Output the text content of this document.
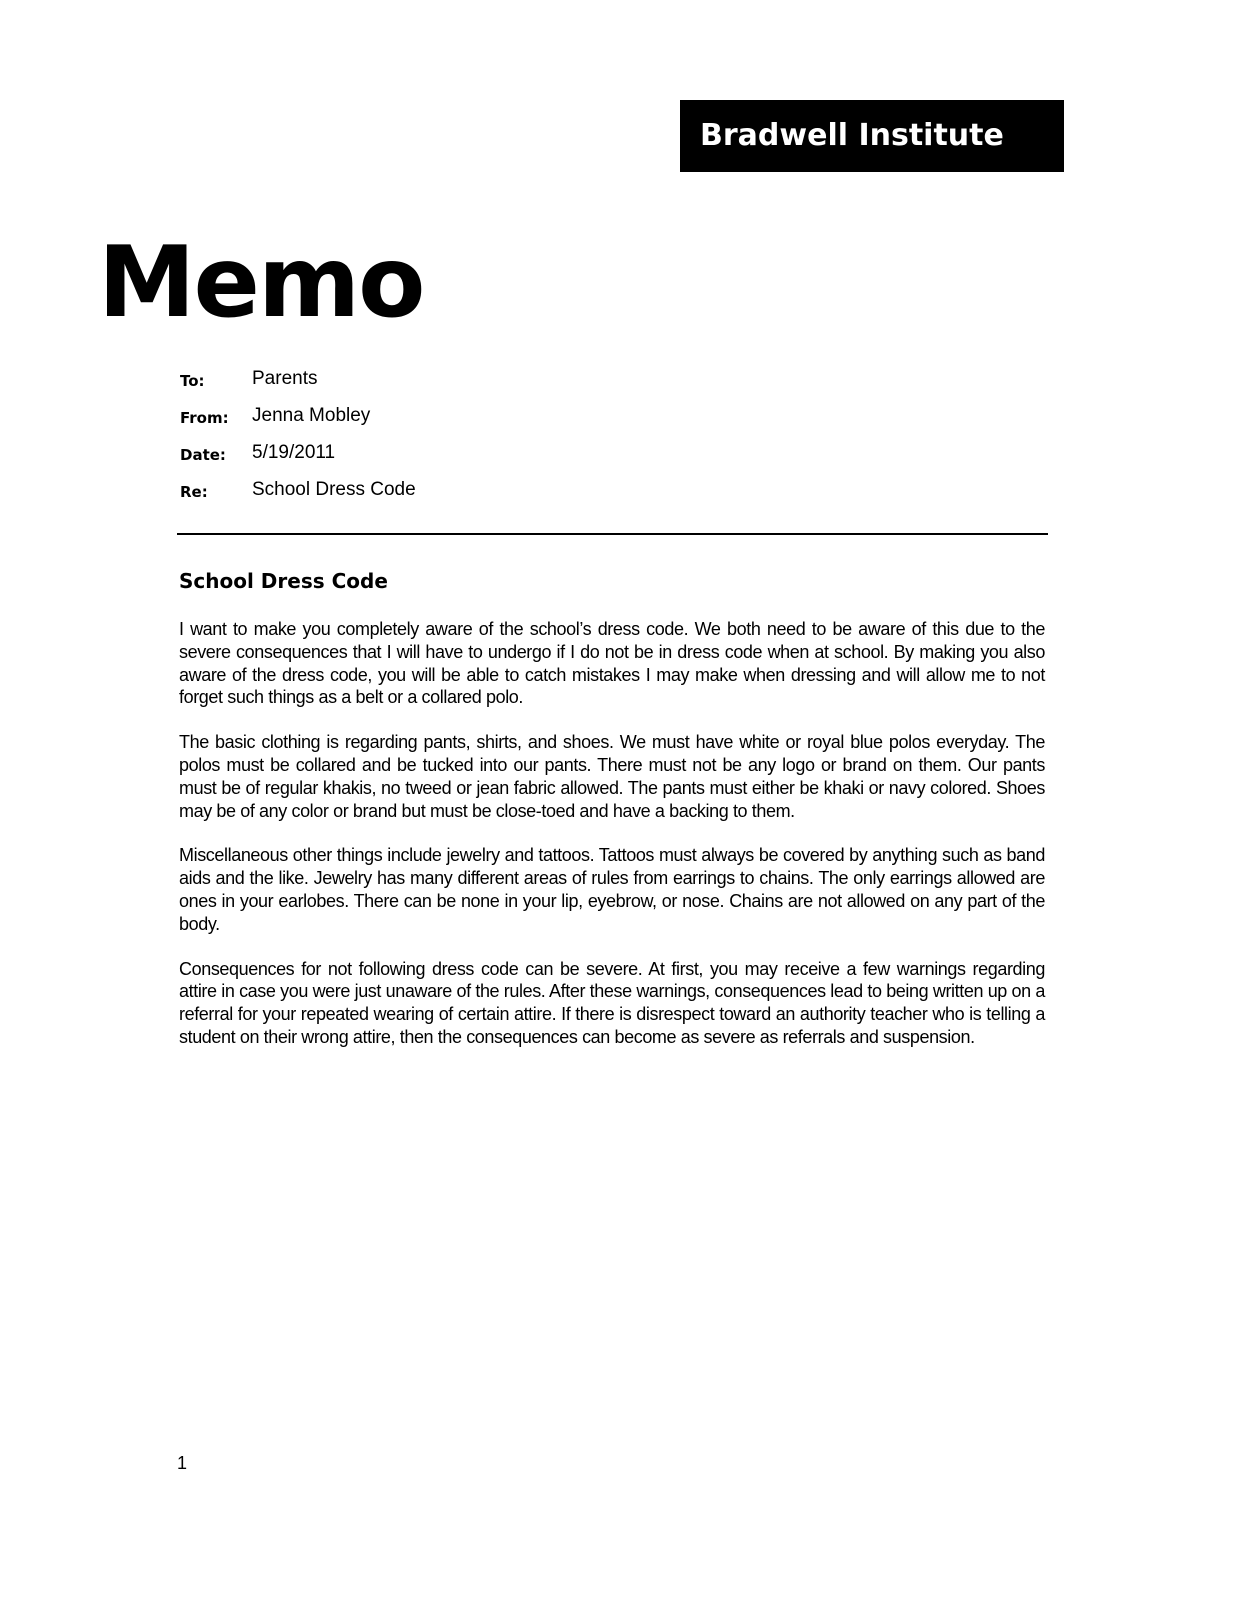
Bradwell Institute
Memo
To: Parents
From: Jenna Mobley
Date: 5/19/2011
Re: School Dress Code
School Dress Code

I want to make you completely aware of the school’s dress code. We both need to be aware of this due to the severe consequences that I will have to undergo if I do not be in dress code when at school. By making you also aware of the dress code, you will be able to catch mistakes I may make when dressing and will allow me to not forget such things as a belt or a collared polo.

The basic clothing is regarding pants, shirts, and shoes. We must have white or royal blue polos everyday. The polos must be collared and be tucked into our pants. There must not be any logo or brand on them. Our pants must be of regular khakis, no tweed or jean fabric allowed. The pants must either be khaki or navy colored. Shoes may be of any color or brand but must be close-toed and have a backing to them.

Miscellaneous other things include jewelry and tattoos. Tattoos must always be covered by anything such as band aids and the like. Jewelry has many different areas of rules from earrings to chains. The only earrings allowed are ones in your earlobes. There can be none in your lip, eyebrow, or nose. Chains are not allowed on any part of the body.

Consequences for not following dress code can be severe. At first, you may receive a few warnings regarding attire in case you were just unaware of the rules. After these warnings, consequences lead to being written up on a referral for your repeated wearing of certain attire. If there is disrespect toward an authority teacher who is telling a student on their wrong attire, then the consequences can become as severe as referrals and suspension.

1
